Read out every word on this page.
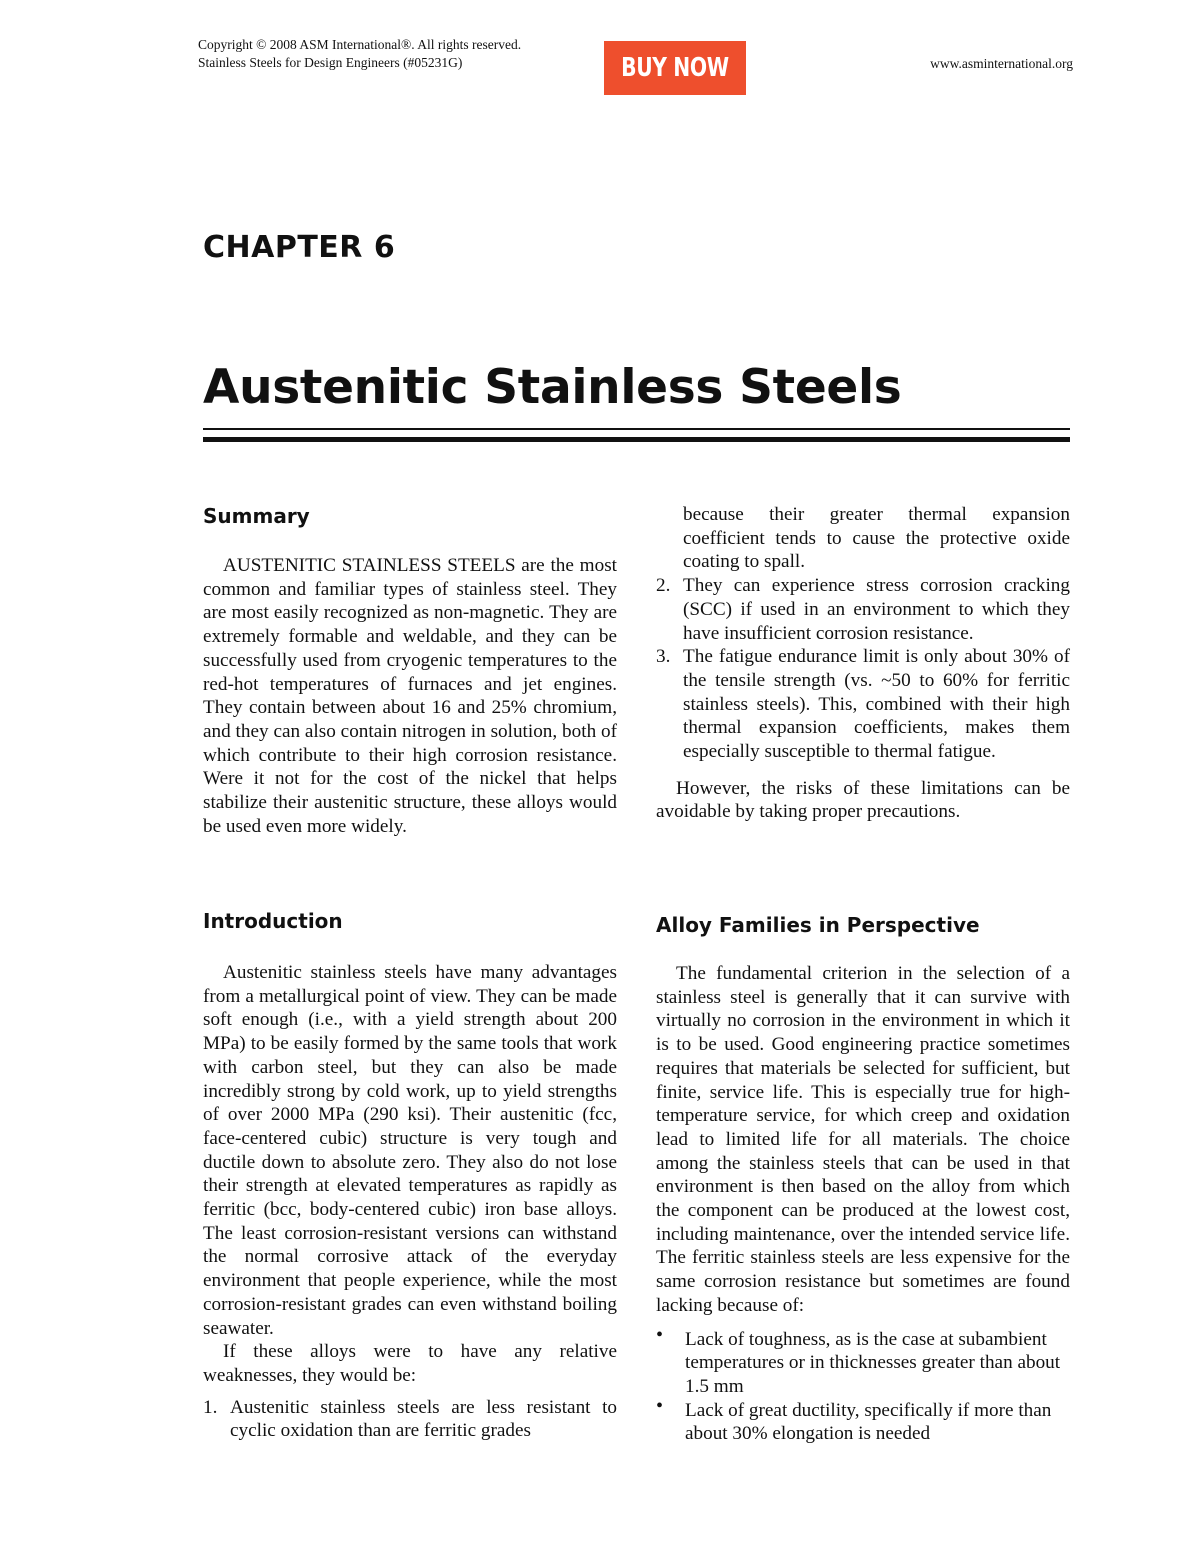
Copyright © 2008 ASM International®. All rights reserved.
Stainless Steels for Design Engineers (#05231G)	BUY NOW	www.asminternational.org
CHAPTER 6
Austenitic Stainless Steels
Summary

AUSTENITIC STAINLESS STEELS are the most common and familiar types of stainless steel. They are most easily recognized as non-magnetic. They are extremely formable and weldable, and they can be successfully used from cryogenic temperatures to the red-hot temperatures of furnaces and jet engines. They contain between about 16 and 25% chromium, and they can also contain nitrogen in solution, both of which contribute to their high corrosion resistance. Were it not for the cost of the nickel that helps stabilize their austenitic structure, these alloys would be used even more widely.

Introduction

Austenitic stainless steels have many advantages from a metallurgical point of view. They can be made soft enough (i.e., with a yield strength about 200 MPa) to be easily formed by the same tools that work with carbon steel, but they can also be made incredibly strong by cold work, up to yield strengths of over 2000 MPa (290 ksi). Their austenitic (fcc, face-centered cubic) structure is very tough and ductile down to absolute zero. They also do not lose their strength at elevated temperatures as rapidly as ferritic (bcc, body-centered cubic) iron base alloys. The least corrosion-resistant versions can withstand the normal corrosive attack of the everyday environment that people experience, while the most corrosion-resistant grades can even withstand boiling seawater.

If these alloys were to have any relative weaknesses, they would be:

1. Austenitic stainless steels are less resistant to cyclic oxidation than are ferritic grades
because their greater thermal expansion coefficient tends to cause the protective oxide coating to spall.
2. They can experience stress corrosion cracking (SCC) if used in an environment to which they have insufficient corrosion resistance.
3. The fatigue endurance limit is only about 30% of the tensile strength (vs. ~50 to 60% for ferritic stainless steels). This, combined with their high thermal expansion coefficients, makes them especially susceptible to thermal fatigue.

However, the risks of these limitations can be avoidable by taking proper precautions.

Alloy Families in Perspective

The fundamental criterion in the selection of a stainless steel is generally that it can survive with virtually no corrosion in the environment in which it is to be used. Good engineering practice sometimes requires that materials be selected for sufficient, but finite, service life. This is especially true for high-temperature service, for which creep and oxidation lead to limited life for all materials. The choice among the stainless steels that can be used in that environment is then based on the alloy from which the component can be produced at the lowest cost, including maintenance, over the intended service life. The ferritic stainless steels are less expensive for the same corrosion resistance but sometimes are found lacking because of:

• Lack of toughness, as is the case at subambient temperatures or in thicknesses greater than about 1.5 mm
• Lack of great ductility, specifically if more than about 30% elongation is needed
